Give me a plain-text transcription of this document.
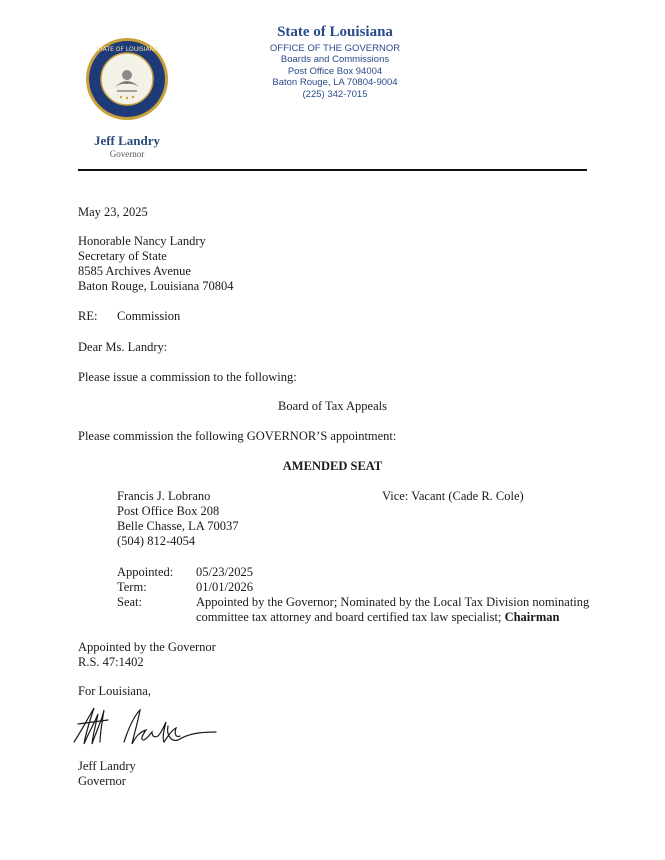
STATE OF LOUISIANA
Jeff Landry
Governor
State of Louisiana
OFFICE OF THE GOVERNOR
Boards and Commissions
Post Office Box 94004
Baton Rouge, LA 70804-9004
(225) 342-7015
May 23, 2025
Honorable Nancy Landry
Secretary of State
8585 Archives Avenue
Baton Rouge, Louisiana 70804
RE: Commission
Dear Ms. Landry:
Please issue a commission to the following:
Board of Tax Appeals
Please commission the following GOVERNOR’S appointment:
AMENDED SEAT
Francis J. Lobrano
Post Office Box 208
Belle Chasse, LA 70037
(504) 812-4054
Vice: Vacant (Cade R. Cole)
Appointed: 05/23/2025
Term:	01/01/2026
Seat:	Appointed by the Governor; Nominated by the Local Tax Division nominating
committee tax attorney and board certified tax law specialist; Chairman
Appointed by the Governor
R.S. 47:1402
For Louisiana,
Jeff Landry
Governor
